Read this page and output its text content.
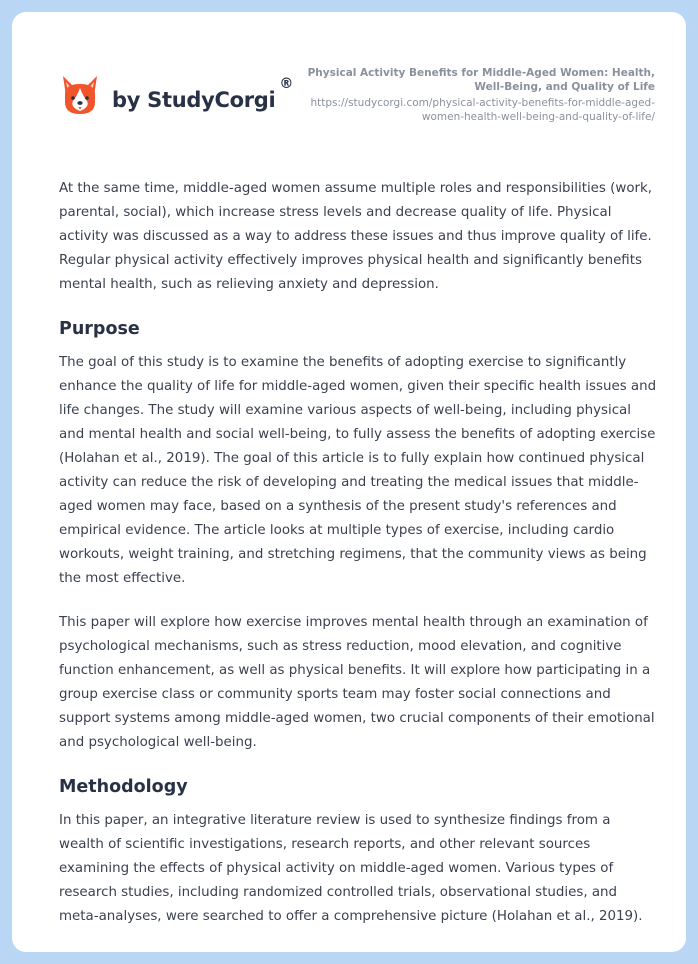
by StudyCorgi
®
Physical Activity Benefits for Middle-Aged Women: Health, Well-Being, and Quality of Life
https://studycorgi.com/physical-activity-benefits-for-middle-aged-women-health-well-being-and-quality-of-life/

At the same time, middle-aged women assume multiple roles and responsibilities (work, parental, social), which increase stress levels and decrease quality of life. Physical activity was discussed as a way to address these issues and thus improve quality of life. Regular physical activity effectively improves physical health and significantly benefits mental health, such as relieving anxiety and depression.

Purpose

The goal of this study is to examine the benefits of adopting exercise to significantly enhance the quality of life for middle-aged women, given their specific health issues and life changes. The study will examine various aspects of well-being, including physical and mental health and social well-being, to fully assess the benefits of adopting exercise (Holahan et al., 2019). The goal of this article is to fully explain how continued physical activity can reduce the risk of developing and treating the medical issues that middle-aged women may face, based on a synthesis of the present study's references and empirical evidence. The article looks at multiple types of exercise, including cardio workouts, weight training, and stretching regimens, that the community views as being the most effective.

This paper will explore how exercise improves mental health through an examination of psychological mechanisms, such as stress reduction, mood elevation, and cognitive function enhancement, as well as physical benefits. It will explore how participating in a group exercise class or community sports team may foster social connections and support systems among middle-aged women, two crucial components of their emotional and psychological well-being.

Methodology

In this paper, an integrative literature review is used to synthesize findings from a wealth of scientific investigations, research reports, and other relevant sources examining the effects of physical activity on middle-aged women. Various types of research studies, including randomized controlled trials, observational studies, and meta-analyses, were searched to offer a comprehensive picture (Holahan et al., 2019).
